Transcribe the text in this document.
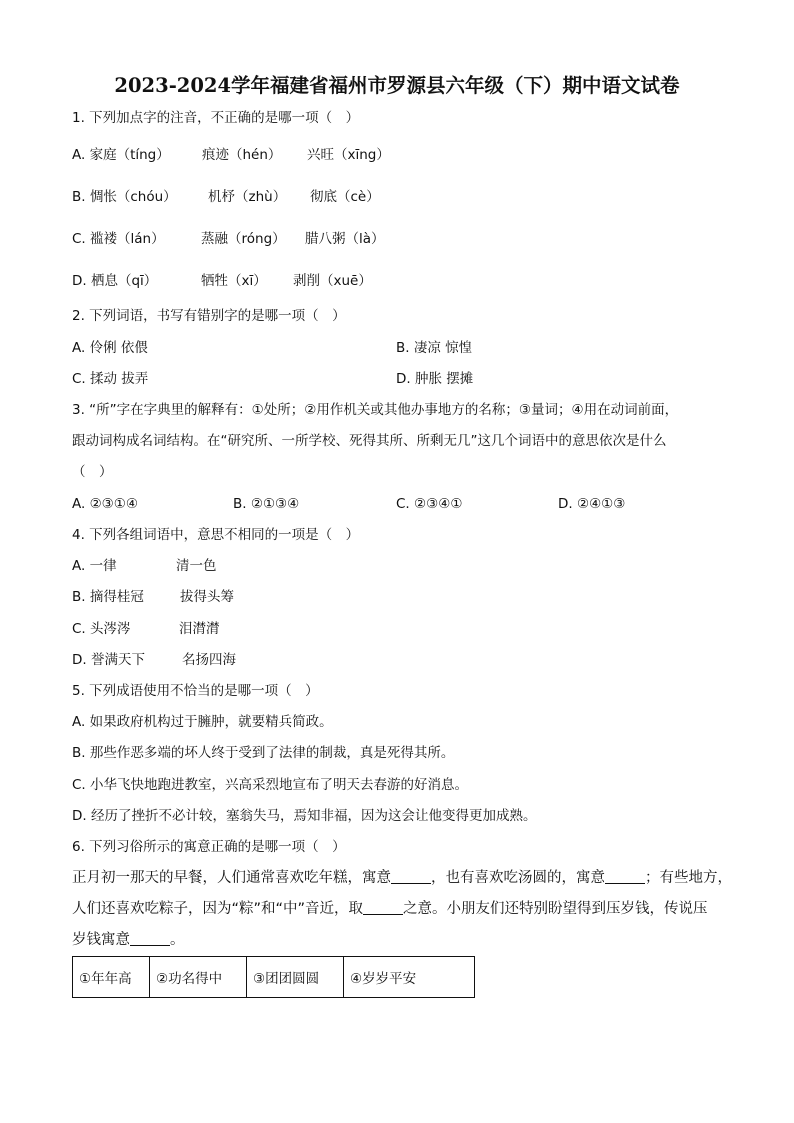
2023-2024学年福建省福州市罗源县六年级（下）期中语文试卷
1. 下列加点字的注音，不正确的是哪一项（　）
A. 家庭（tíng） 痕迹（hén） 兴旺（xīng）
B. 惆怅（chóu） 机杼（zhù） 彻底（cè）
C. 褴褛（lán）	蒸融（róng） 腊八粥（là）
D. 栖息（qī）	牺牲（xī） 剥削（xuē）
2. 下列词语，书写有错别字的是哪一项（　）
A. 伶俐 依偎	B. 凄凉 惊惶
C. 揉动 拔弄	D. 肿胀 摆摊
3. “所”字在字典里的解释有：①处所；②用作机关或其他办事地方的名称；③量词；④用在动词前面，
跟动词构成名词结构。在“研究所、一所学校、死得其所、所剩无几”这几个词语中的意思依次是什么
（　）
A. ②③①④	B. ②①③④	C. ②③④①	D. ②④①③
4. 下列各组词语中，意思不相同的一项是（　）
A. 一律	清一色
B. 摘得桂冠	拔得头筹
C. 头涔涔	泪潸潸
D. 誉满天下	名扬四海
5. 下列成语使用不恰当的是哪一项（　）
A. 如果政府机构过于臃肿，就要精兵简政。
B. 那些作恶多端的坏人终于受到了法律的制裁，真是死得其所。
C. 小华飞快地跑进教室，兴高采烈地宣布了明天去春游的好消息。
D. 经历了挫折不必计较，塞翁失马，焉知非福，因为这会让他变得更加成熟。
6. 下列习俗所示的寓意正确的是哪一项（　）
正月初一那天的早餐，人们通常喜欢吃年糕，寓意	，也有喜欢吃汤圆的，寓意	；有些地方，
人们还喜欢吃粽子，因为“粽”和“中”音近，取	之意。小朋友们还特别盼望得到压岁钱，传说压
岁钱寓意	。
①年年高	②功名得中	③团团圆圆	④岁岁平安
